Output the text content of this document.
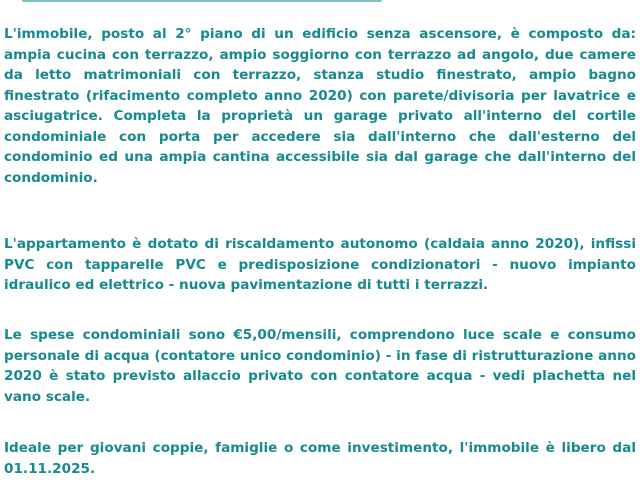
L'immobile, posto al 2° piano di un edificio senza ascensore, è composto da: ampia cucina con terrazzo, ampio soggiorno con terrazzo ad angolo, due camere da letto matrimoniali con terrazzo, stanza studio finestrato, ampio bagno finestrato (rifacimento completo anno 2020) con parete/divisoria per lavatrice e asciugatrice. Completa la proprietà un garage privato all'interno del cortile condominiale con porta per accedere sia dall'interno che dall'esterno del condominio ed una ampia cantina accessibile sia dal garage che dall'interno del condominio.

L'appartamento è dotato di riscaldamento autonomo (caldaia anno 2020), infissi PVC con tapparelle PVC e predisposizione condizionatori - nuovo impianto idraulico ed elettrico - nuova pavimentazione di tutti i terrazzi.

Le spese condominiali sono €5,00/mensili, comprendono luce scale e consumo personale di acqua (contatore unico condominio) - in fase di ristrutturazione anno 2020 è stato previsto allaccio privato con contatore acqua - vedi plachetta nel vano scale.

Ideale per giovani coppie, famiglie o come investimento, l'immobile è libero dal 01.11.2025.
